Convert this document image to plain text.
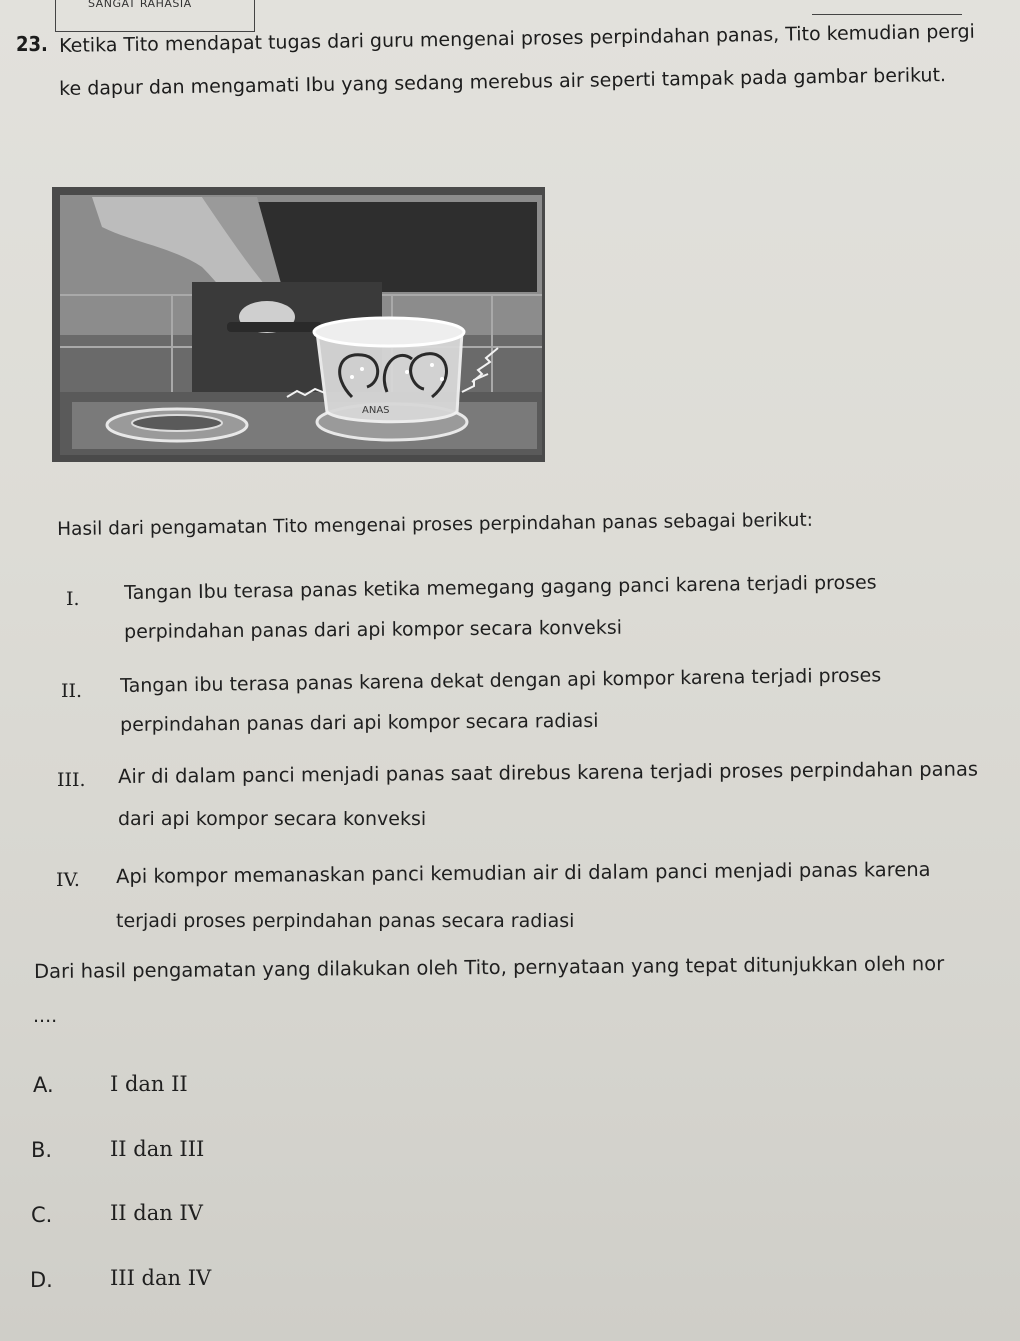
SANGAT RAHASIA
23. Ketika Tito mendapat tugas dari guru mengenai proses perpindahan panas, Tito kemudian pergi
ke dapur dan mengamati Ibu yang sedang merebus air seperti tampak pada gambar berikut.
ANAS
Hasil dari pengamatan Tito mengenai proses perpindahan panas sebagai berikut:
I. Tangan Ibu terasa panas ketika memegang gagang panci karena terjadi proses
perpindahan panas dari api kompor secara konveksi
II. Tangan ibu terasa panas karena dekat dengan api kompor karena terjadi proses
perpindahan panas dari api kompor secara radiasi
III. Air di dalam panci menjadi panas saat direbus karena terjadi proses perpindahan panas
dari api kompor secara konveksi
IV. Api kompor memanaskan panci kemudian air di dalam panci menjadi panas karena
terjadi proses perpindahan panas secara radiasi
Dari hasil pengamatan yang dilakukan oleh Tito, pernyataan yang tepat ditunjukkan oleh nor
....
A.	I dan II
B.	II dan III
C.	II dan IV
D.	III dan IV
